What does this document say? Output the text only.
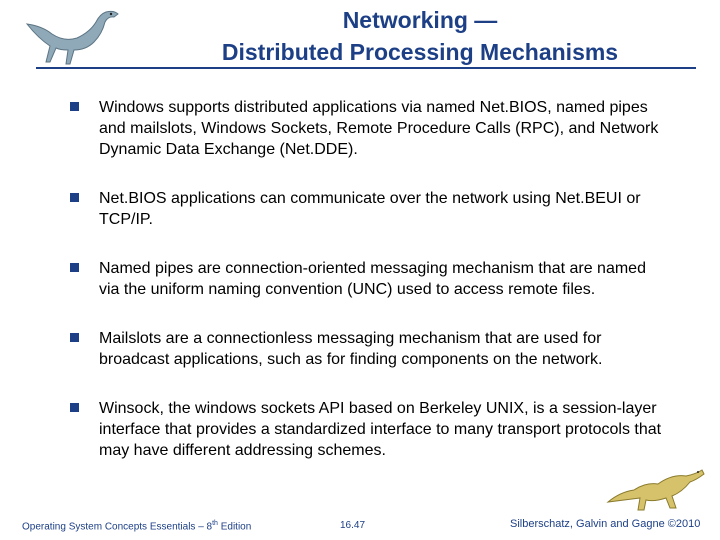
Networking —
Distributed Processing Mechanisms
Windows supports distributed applications via named Net.BIOS, named pipes and mailslots, Windows Sockets, Remote Procedure Calls (RPC), and Network Dynamic Data Exchange (Net.DDE).
Net.BIOS applications can communicate over the network using Net.BEUI or TCP/IP.
Named pipes are connection-oriented messaging mechanism that are named via the uniform naming convention (UNC) used to access remote files.
Mailslots are a connectionless messaging mechanism that are used for broadcast applications, such as for finding components on the network.
Winsock, the windows sockets API based on Berkeley UNIX, is a session-layer interface that provides a standardized interface to many transport protocols that may have different addressing schemes.
Operating System Concepts Essentials – 8th Edition	16.47	Silberschatz, Galvin and Gagne ©2010
